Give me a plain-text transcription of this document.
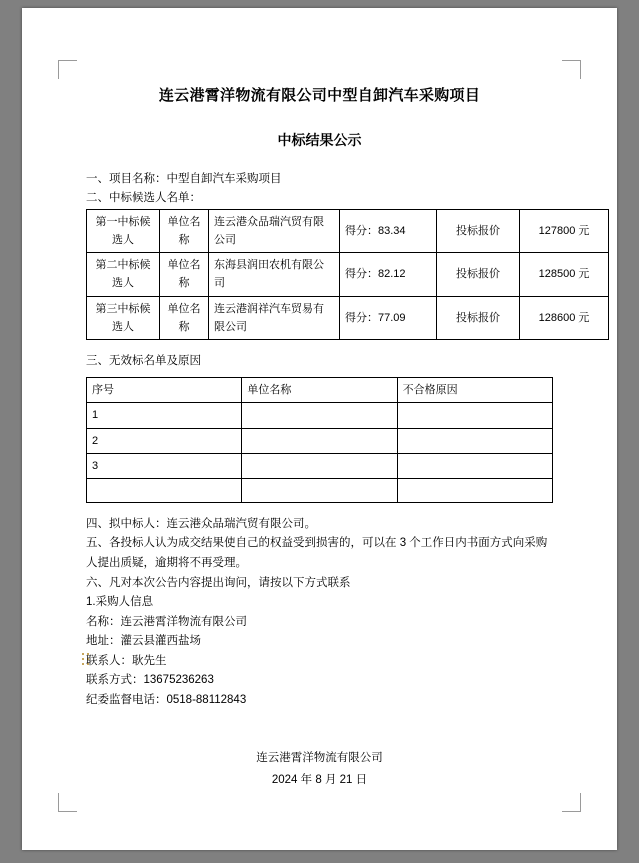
连云港霄洋物流有限公司中型自卸汽车采购项目
中标结果公示

一、项目名称：中型自卸汽车采购项目

二、中标候选人名单：

第一中标候选人	单位名称	连云港众品瑞汽贸有限公司	得分：83.34	投标报价	127800 元
第二中标候选人	单位名称	东海县润田农机有限公司	得分：82.12	投标报价	128500 元
第三中标候选人	单位名称	连云港润祥汽车贸易有限公司	得分：77.09	投标报价	128600 元

三、无效标名单及原因

序号	单位名称	不合格原因
1		
2		
3		

四、拟中标人：连云港众品瑞汽贸有限公司。

五、各投标人认为成交结果使自己的权益受到损害的，可以在 3 个工作日内书面方式向采购人提出质疑，逾期将不再受理。

六、凡对本次公告内容提出询问，请按以下方式联系

1.采购人信息

名称：连云港霄洋物流有限公司

地址：灌云县灌西盐场

联系人：耿先生

联系方式：13675236263

纪委监督电话：0518-88112843

连云港霄洋物流有限公司
2024 年 8 月 21 日
